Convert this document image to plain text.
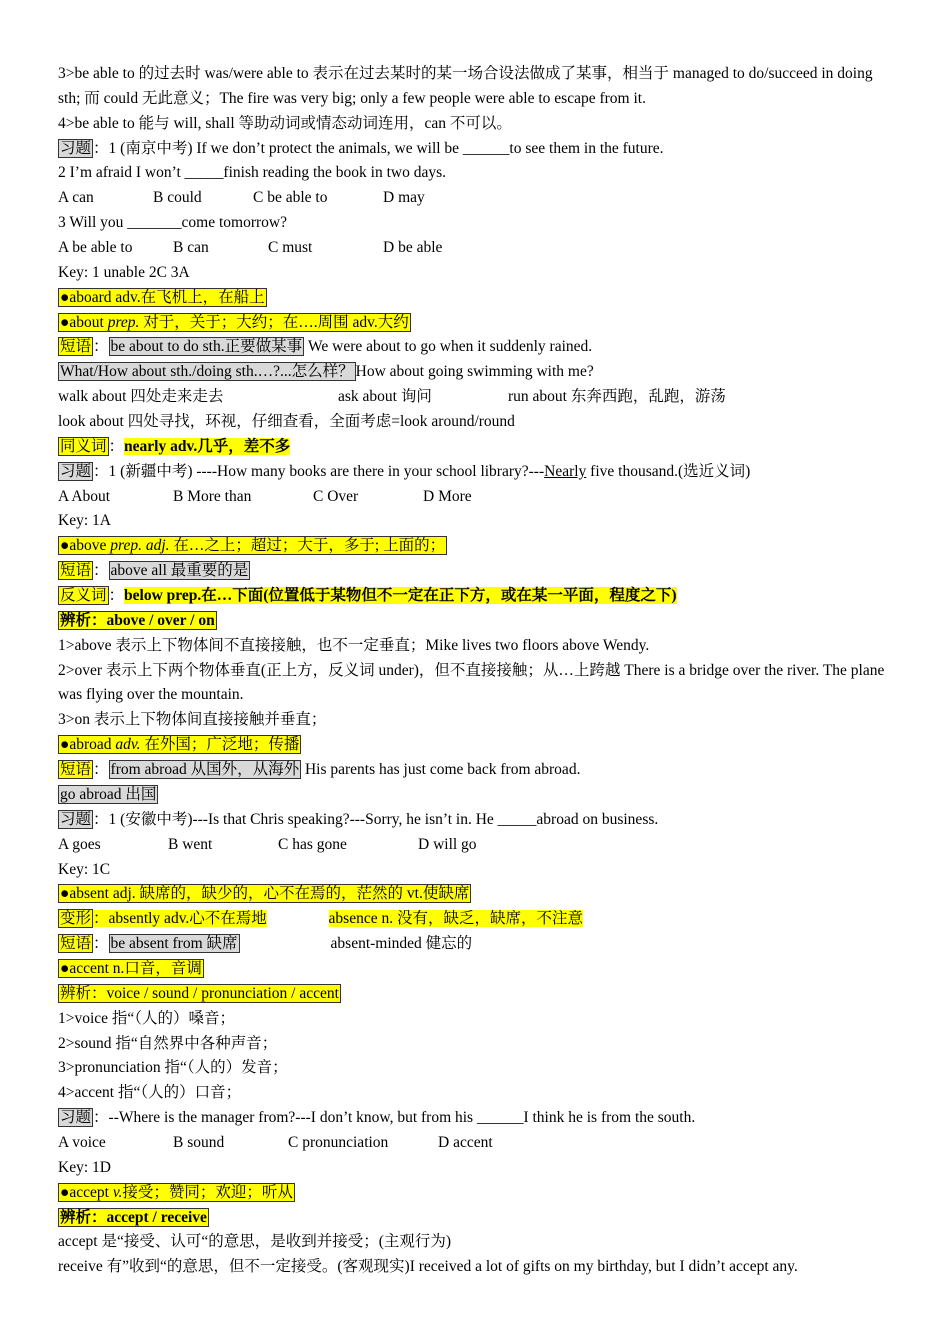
3>be able to 的过去时 was/were able to 表示在过去某时的某一场合设法做成了某事，相当于 managed to do/succeed in doing sth; 而 could 无此意义；The fire was very big; only a few people were able to escape from it.
4>be able to 能与 will, shall 等助动词或情态动词连用，can 不可以。
习题 ：1 (南京中考) If we don’t protect the animals, we will be ______to see them in the future.
2 I’m afraid I won’t _____finish reading the book in two days.
A can	B could	C be able to	D may
3 Will you _______come tomorrow?
A be able to	B can	C must	D be able
Key: 1 unable 2C 3A
●aboard adv.在飞机上，在船上
●about prep. 对于，关于；大约；在….周围 adv.大约
短语 ： be about to do sth.正要做某事 We were about to go when it suddenly rained.
What/How about sth./doing sth.…?...怎么样？ How about going swimming with me?
walk about 四处走来走去	ask about 询问	run about 东奔西跑，乱跑，游荡
look about 四处寻找，环视，仔细查看，全面考虑=look around/round
同义词 ：nearly adv.几乎，差不多
习题 ：1 (新疆中考) ----How many books are there in your school library?---Nearly five thousand.(选近义词)
A About	B More than	C Over	D More
Key: 1A
●above prep. adj. 在…之上；超过；大于，多于; 上面的；
短语 ： above all 最重要的是
反义词 ：below prep.在…下面(位置低于某物但不一定在正下方，或在某一平面，程度之下)
辨析：above / over / on
1>above 表示上下物体间不直接接触，也不一定垂直；Mike lives two floors above Wendy.
2>over 表示上下两个物体垂直(正上方，反义词 under)，但不直接接触；从…上跨越 There is a bridge over the river. The plane was flying over the mountain.
3>on 表示上下物体间直接接触并垂直；
●abroad adv. 在外国；广泛地；传播
短语 ： from abroad 从国外，从海外 His parents has just come back from abroad.
go abroad 出国
习题 ：1 (安徽中考)---Is that Chris speaking?---Sorry, he isn’t in. He _____abroad on business.
A goes	B went	C has gone	D will go
Key: 1C
●absent adj. 缺席的，缺少的，心不在焉的，茫然的 vt.使缺席
变形 ：absently adv.心不在焉地	absence n. 没有，缺乏，缺席，不注意
短语 ： be absent from 缺席	absent-minded 健忘的
●accent n.口音，音调
辨析：voice / sound / pronunciation / accent
1>voice 指“（人的）嗓音；
2>sound 指“自然界中各种声音；
3>pronunciation 指“（人的）发音；
4>accent 指“（人的）口音；
习题 ：--Where is the manager from?---I don’t know, but from his ______I think he is from the south.
A voice	B sound	C pronunciation	D accent
Key: 1D
●accept v.接受；赞同；欢迎；听从
辨析：accept / receive
accept 是“接受、认可“的意思，是收到并接受；(主观行为)
receive 有”收到“的意思，但不一定接受。(客观现实)I received a lot of gifts on my birthday, but I didn’t accept any.
